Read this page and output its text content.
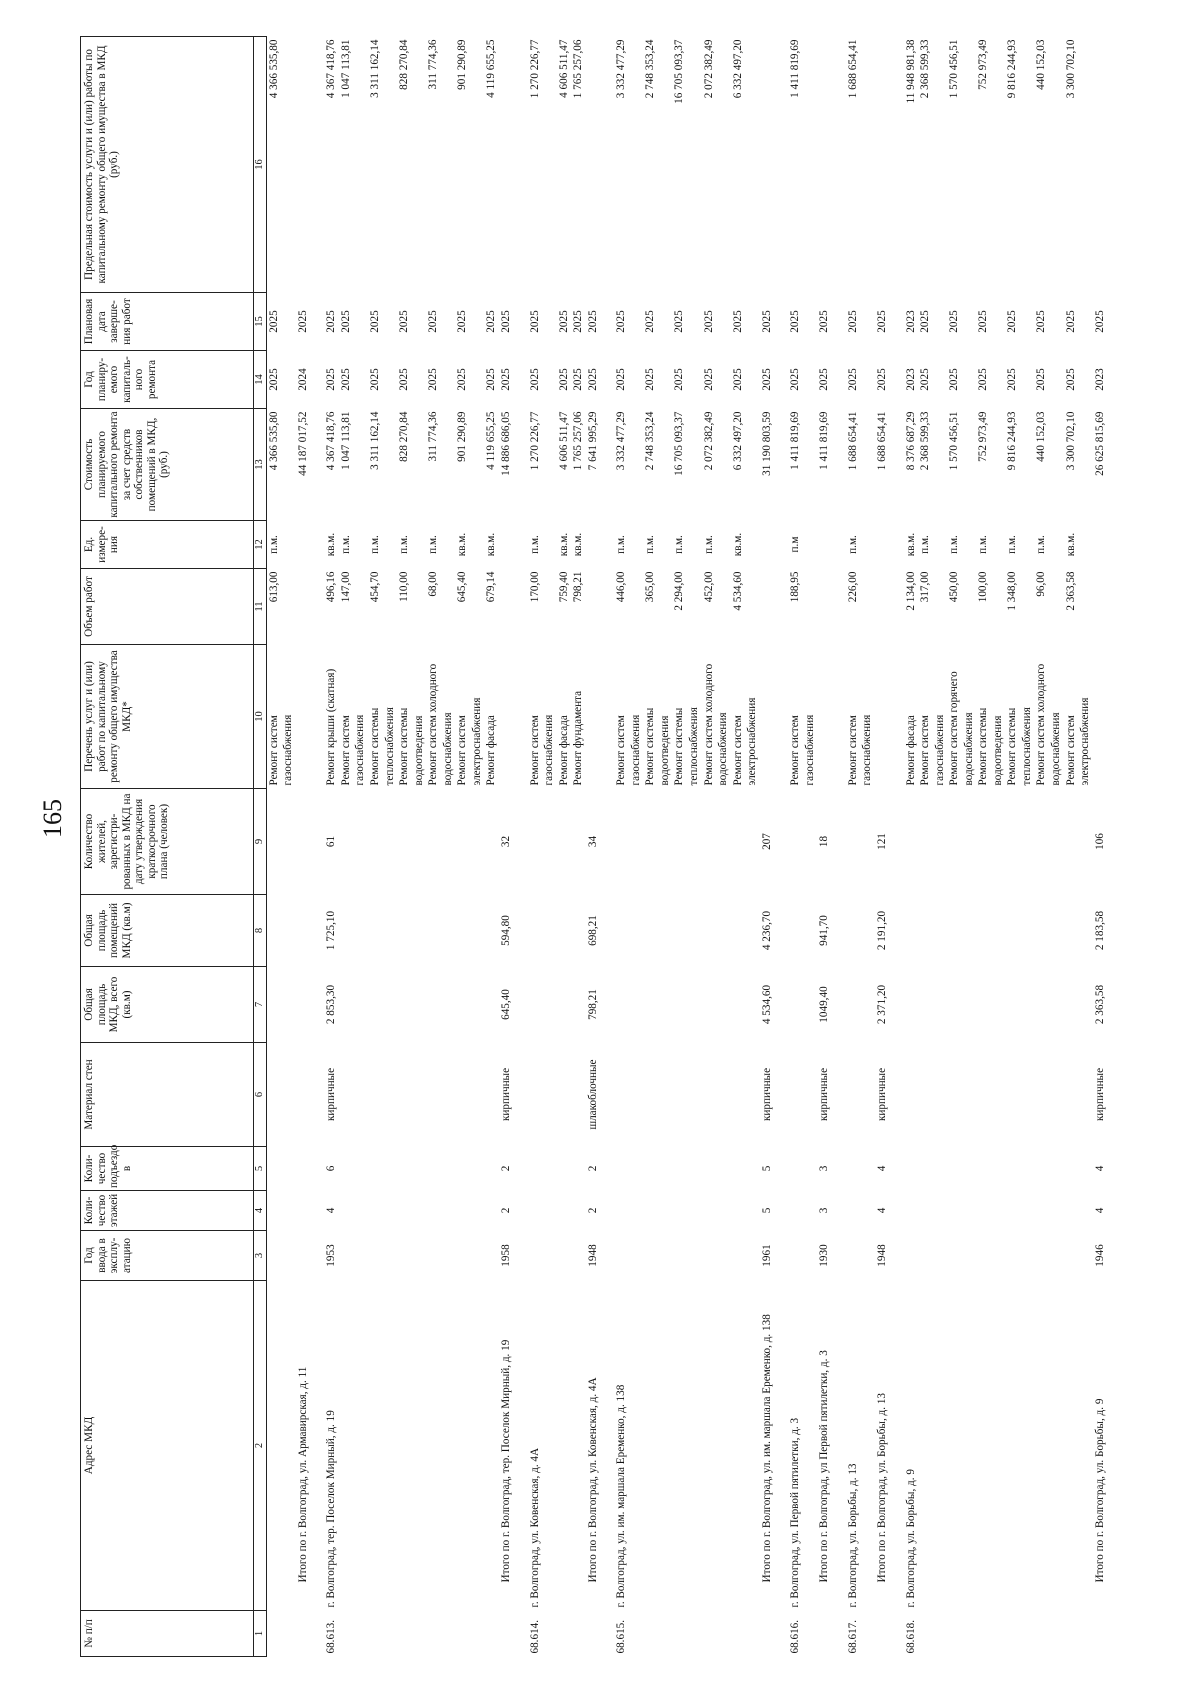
165
№ п/п	Адрес МКД	Год ввода в эксплу-атацию	Коли-чество этажей	Коли-чество подъездо в	Материал стен	Общая площадь МКД, всего (кв.м)	Общая площадь помещений МКД (кв.м)	Количество жителей, зарегистри-рованных в МКД на дату утверждения краткосрочного плана (человек)	Перечень услуг и (или) работ по капитальному ремонту общего имущества МКД*	Объем работ	Ед. измере-ния	Стоимость планируемого капитального ремонта за счет средств собственников помещений в МКД, (руб.)	Год планиру-емого капиталь-ного ремонта	Плановая дата заверше-ния работ	Предельная стоимость услуги и (или) работы по капитальному ремонту общего имущества в МКД (руб.)
1	2	3	4	5	6	7	8	9	10	11	12	13	14	15	16
									Ремонт систем	613,00	п.м.	4 366 535,80	2025	2025	4 366 535,80
									газоснабжения						
	Итого по г. Волгоград, ул. Армавирская, д. 11											44 187 017,52	2024	2025	

68.613.	г. Волгоград, тер. Поселок Мирный, д. 19	1953	4	6	кирпичные	2 853,30	1 725,10	61	Ремонт крыши (скатная)	496,16	кв.м.	4 367 418,76	2025	2025	4 367 418,76
									Ремонт систем	147,00	п.м.	1 047 113,81	2025	2025	1 047 113,81
									газоснабжения						
									Ремонт системы	454,70	п.м.	3 311 162,14	2025	2025	3 311 162,14
									теплоснабжения						
									Ремонт системы	110,00	п.м.	828 270,84	2025	2025	828 270,84
									водоотведения						
									Ремонт систем холодного	68,00	п.м.	311 774,36	2025	2025	311 774,36
									водоснабжения						
									Ремонт систем	645,40	кв.м.	901 290,89	2025	2025	901 290,89
									электроснабжения						
									Ремонт фасада	679,14	кв.м.	4 119 655,25	2025	2025	4 119 655,25
	Итого по г. Волгоград, тер. Поселок Мирный, д. 19	1958	2	2	кирпичные	645,40	594,80	32				14 886 686,05	2025	2025	

68.614.	г. Волгоград, ул. Ковенская, д. 4А								Ремонт систем	170,00	п.м.	1 270 226,77	2025	2025	1 270 226,77
									газоснабжения						
									Ремонт фасада	759,40	кв.м.	4 606 511,47	2025	2025	4 606 511,47
									Ремонт фундамента	798,21	кв.м.	1 765 257,06	2025	2025	1 765 257,06
	Итого по г. Волгоград, ул. Ковенская, д. 4А	1948	2	2	шлакоблочные	798,21	698,21	34				7 641 995,29	2025	2025	

68.615.	г. Волгоград, ул. им. маршала Еременко, д. 138								Ремонт систем	446,00	п.м.	3 332 477,29	2025	2025	3 332 477,29
									газоснабжения						
									Ремонт системы	365,00	п.м.	2 748 353,24	2025	2025	2 748 353,24
									водоотведения						
									Ремонт системы	2 294,00	п.м.	16 705 093,37	2025	2025	16 705 093,37
									теплоснабжения						
									Ремонт систем холодного	452,00	п.м.	2 072 382,49	2025	2025	2 072 382,49
									водоснабжения						
									Ремонт систем	4 534,60	кв.м.	6 332 497,20	2025	2025	6 332 497,20
									электроснабжения						
	Итого по г. Волгоград, ул. им. маршала Еременко, д. 138	1961	5	5	кирпичные	4 534,60	4 236,70	207				31 190 803,59	2025	2025	

68.616.	г. Волгоград, ул. Первой пятилетки, д. 3								Ремонт систем	188,95	п.м	1 411 819,69	2025	2025	1 411 819,69
									газоснабжения						
	Итого по г. Волгоград, ул Первой пятилетки, д. 3	1930	3	3	кирпичные	1049,40	941,70	18				1 411 819,69	2025	2025	

68.617.	г. Волгоград, ул. Борьбы, д. 13								Ремонт систем	226,00	п.м.	1 688 654,41	2025	2025	1 688 654,41
									газоснабжения						
	Итого по г. Волгоград, ул. Борьбы, д. 13	1948	4	4	кирпичные	2 371,20	2 191,20	121				1 688 654,41	2025	2025	

68.618.	г. Волгоград, ул. Борьбы, д. 9								Ремонт фасада	2 134,00	кв.м.	8 376 687,29	2023	2023	11 948 981,38
									Ремонт систем	317,00	п.м.	2 368 599,33	2025	2025	2 368 599,33
									газоснабжения						
									Ремонт систем горячего	450,00	п.м.	1 570 456,51	2025	2025	1 570 456,51
									водоснабжения						
									Ремонт системы	100,00	п.м.	752 973,49	2025	2025	752 973,49
									водоотведения						
									Ремонт системы	1 348,00	п.м.	9 816 244,93	2025	2025	9 816 244,93
									теплоснабжения						
									Ремонт систем холодного	96,00	п.м.	440 152,03	2025	2025	440 152,03
									водоснабжения						
									Ремонт систем	2 363,58	кв.м.	3 300 702,10	2025	2025	3 300 702,10
									электроснабжения						
	Итого по г. Волгоград, ул. Борьбы, д. 9	1946	4	4	кирпичные	2 363,58	2 183,58	106				26 625 815,69	2023	2025	
